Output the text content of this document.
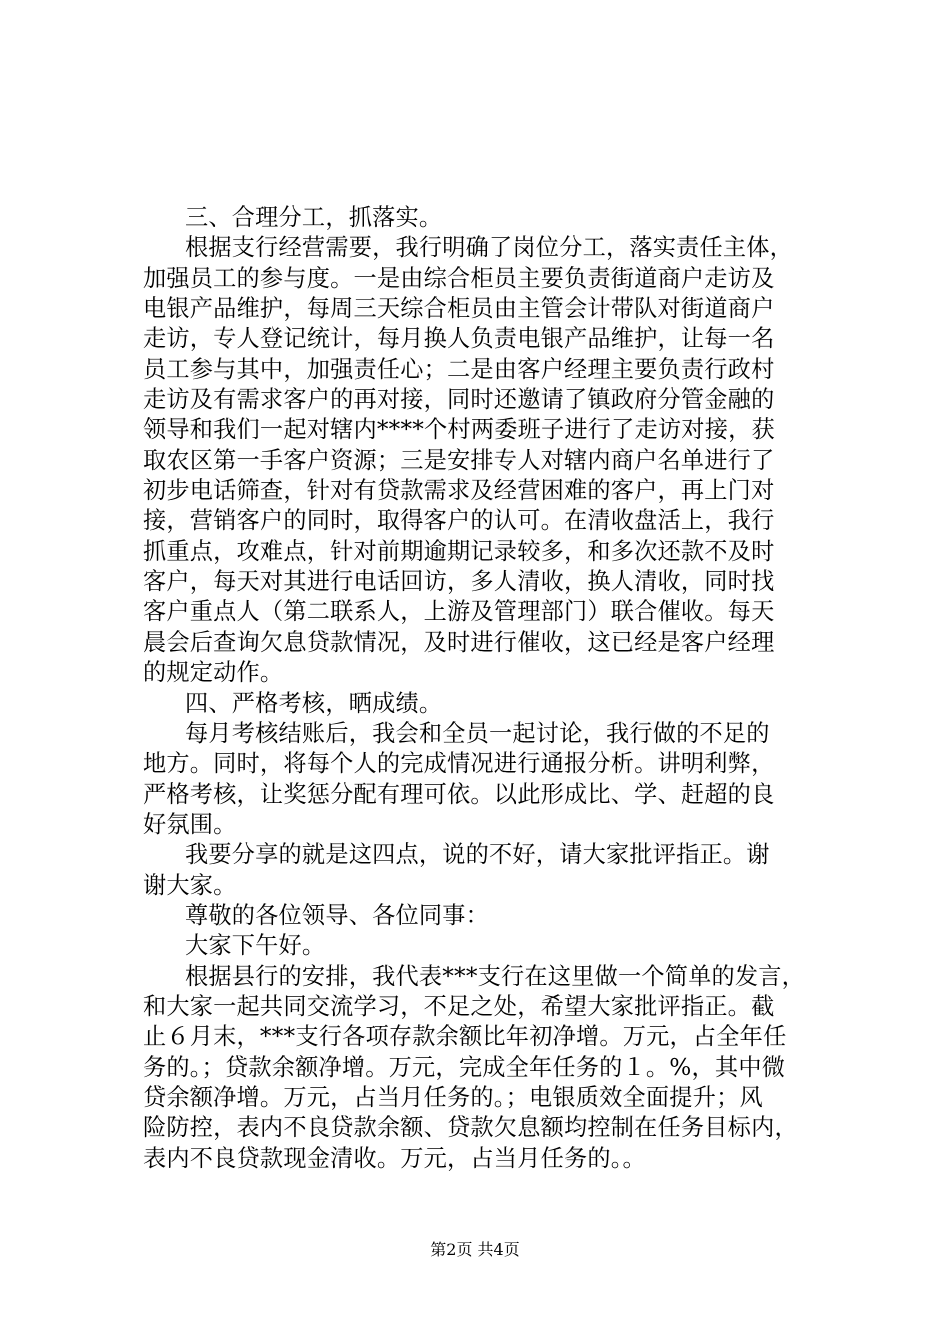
三、合理分工，抓落实。
根据支行经营需要，我行明确了岗位分工，落实责任主体，
加强员工的参与度。一是由综合柜员主要负责街道商户走访及
电银产品维护，每周三天综合柜员由主管会计带队对街道商户
走访，专人登记统计，每月换人负责电银产品维护，让每一名
员工参与其中，加强责任心；二是由客户经理主要负责行政村
走访及有需求客户的再对接，同时还邀请了镇政府分管金融的
领导和我们一起对辖内****个村两委班子进行了走访对接，获
取农区第一手客户资源；三是安排专人对辖内商户名单进行了
初步电话筛查，针对有贷款需求及经营困难的客户，再上门对
接，营销客户的同时，取得客户的认可。在清收盘活上，我行
抓重点，攻难点，针对前期逾期记录较多，和多次还款不及时
客户，每天对其进行电话回访，多人清收，换人清收，同时找
客户重点人（第二联系人，上游及管理部门）联合催收。每天
晨会后查询欠息贷款情况，及时进行催收，这已经是客户经理
的规定动作。
四、严格考核，晒成绩。
每月考核结账后，我会和全员一起讨论，我行做的不足的
地方。同时，将每个人的完成情况进行通报分析。讲明利弊，
严格考核，让奖惩分配有理可依。以此形成比、学、赶超的良
好氛围。
我要分享的就是这四点，说的不好，请大家批评指正。谢
谢大家。
尊敬的各位领导、各位同事：
大家下午好。
根据县行的安排，我代表***支行在这里做一个简单的发言，
和大家一起共同交流学习，不足之处，希望大家批评指正。截
止６月末，***支行各项存款余额比年初净增。万元，占全年任
务的。；贷款余额净增。万元，完成全年任务的１。%，其中微
贷余额净增。万元，占当月任务的。；电银质效全面提升；风
险防控，表内不良贷款余额、贷款欠息额均控制在任务目标内，
表内不良贷款现金清收。万元，占当月任务的。。
第2页 共4页
